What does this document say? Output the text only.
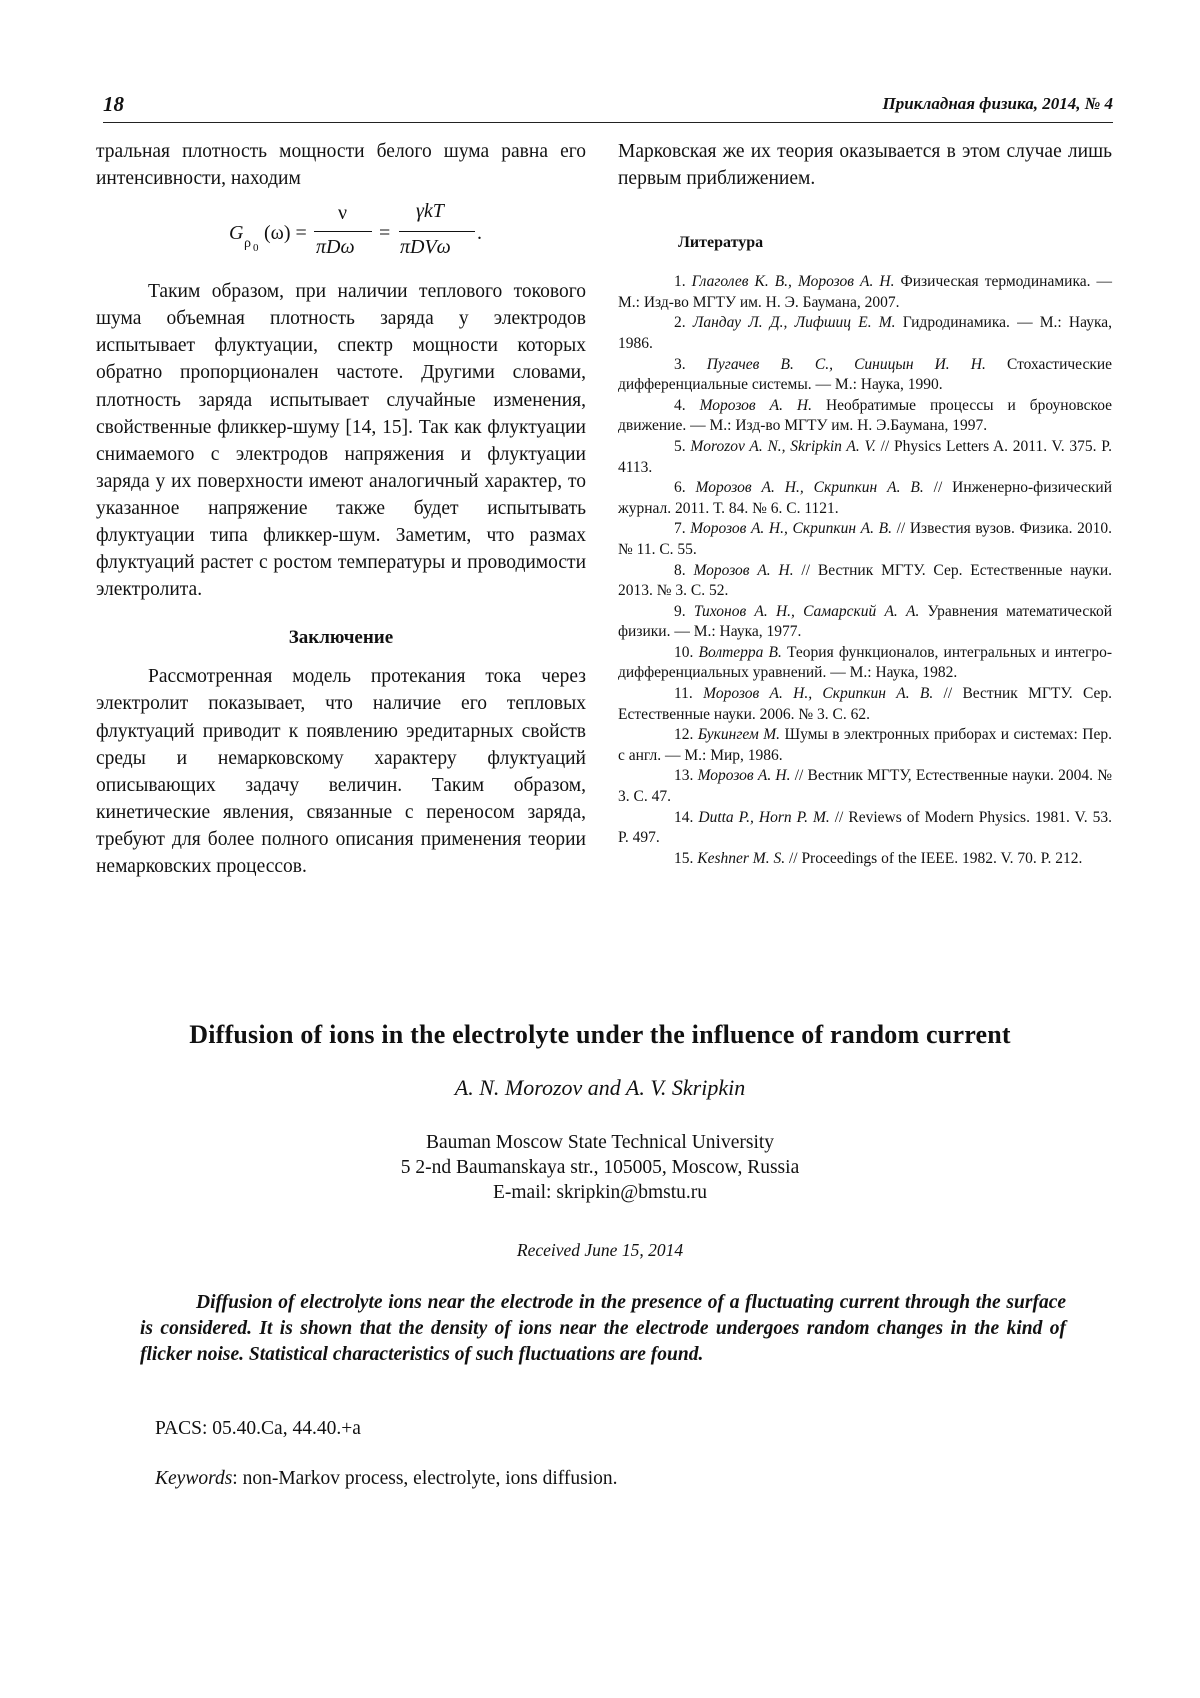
18	Прикладная физика, 2014, № 4

тральная плотность мощности белого шума равна его интенсивности, находим

G ρ 0
(ω) =
ν
πDω
=
γkT
πDVω
.

Таким образом, при наличии теплового токового шума объемная плотность заряда у электродов испытывает флуктуации, спектр мощности которых обратно пропорционален частоте. Другими словами, плотность заряда испытывает случайные изменения, свойственные фликкер-шуму [14, 15]. Так как флуктуации снимаемого с электродов напряжения и флуктуации заряда у их поверхности имеют аналогичный характер, то указанное напряжение также будет испытывать флуктуации типа фликкер-шум. Заметим, что размах флуктуаций растет с ростом температуры и проводимости электролита.

Заключение

Рассмотренная модель протекания тока через электролит показывает, что наличие его тепловых флуктуаций приводит к появлению эредитарных свойств среды и немарковскому характеру флуктуаций описывающих задачу величин. Таким образом, кинетические явления, связанные с переносом заряда, требуют для более полного описания применения теории немарковских процессов.

Марковская же их теория оказывается в этом случае лишь первым приближением.

Литература

1. Глаголев К. В., Морозов А. Н. Физическая термодинамика. — М.: Изд-во МГТУ им. Н. Э. Баумана, 2007.

2. Ландау Л. Д., Лифшиц Е. М. Гидродинамика. — М.: Наука, 1986.

3. Пугачев В. С., Синицын И. Н. Стохастические дифференциальные системы. — М.: Наука, 1990.

4. Морозов А. Н. Необратимые процессы и броуновское движение. — М.: Изд-во МГТУ им. Н. Э.Баумана, 1997.

5. Morozov A. N., Skripkin A. V. // Physics Letters A. 2011. V. 375. P. 4113.

6. Морозов А. Н., Скрипкин А. В. // Инженерно-физический журнал. 2011. Т. 84. № 6. С. 1121.

7. Морозов А. Н., Скрипкин А. В. // Известия вузов. Физика. 2010. № 11. С. 55.

8. Морозов А. Н. // Вестник МГТУ. Сер. Естественные науки. 2013. № 3. С. 52.

9. Тихонов А. Н., Самарский А. А. Уравнения математической физики. — М.: Наука, 1977.

10. Волтерра В. Теория функционалов, интегральных и интегро-дифференциальных уравнений. — М.: Наука, 1982.

11. Морозов А. Н., Скрипкин А. В. // Вестник МГТУ. Сер. Естественные науки. 2006. № 3. С. 62.

12. Букингем М. Шумы в электронных приборах и системах: Пер. с англ. — М.: Мир, 1986.

13. Морозов А. Н. // Вестник МГТУ, Естественные науки. 2004. № 3. С. 47.

14. Dutta P., Horn P. M. // Reviews of Modern Physics. 1981. V. 53. P. 497.

15. Keshner M. S. // Proceedings of the IEEE. 1982. V. 70. P. 212.

Diffusion of ions in the electrolyte under the influence of random current
A. N. Morozov and A. V. Skripkin
Bauman Moscow State Technical University
5 2-nd Baumanskaya str., 105005, Moscow, Russia
E-mail: skripkin@bmstu.ru
Received June 15, 2014

Diffusion of electrolyte ions near the electrode in the presence of a fluctuating current through the surface is considered. It is shown that the density of ions near the electrode undergoes random changes in the kind of flicker noise. Statistical characteristics of such fluctuations are found.

PACS: 05.40.Ca, 44.40.+a
Keywords: non-Markov process, electrolyte, ions diffusion.
